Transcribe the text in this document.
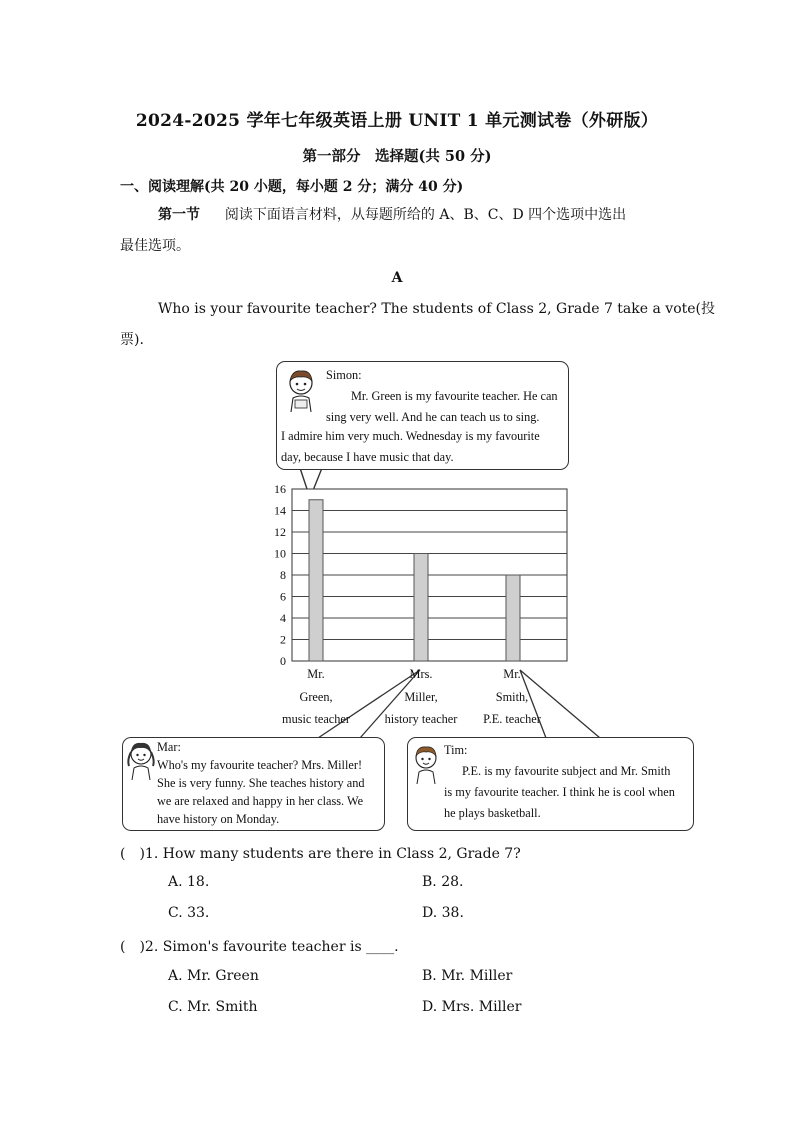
2024-2025 学年七年级英语上册 UNIT 1 单元测试卷（外研版）
第一部分　选择题(共 50 分)
一、阅读理解(共 20 小题，每小题 2 分；满分 40 分)
第一节 阅读下面语言材料，从每题所给的 A、B、C、D 四个选项中选出
最佳选项。
A
Who is your favourite teacher? The students of Class 2, Grade 7 take a vote(投
票).

Simon:

Mr. Green is my favourite teacher. He can

sing very well. And he can teach us to sing.

I admire him very much. Wednesday is my favourite

day, because I have music that day.

0
2
4
6
8
10
12
14
16
Mr.
Green,
music teacher
Mrs.
Miller,
history teacher
Mr.
Smith,
P.E. teacher

Mar:

Who's my favourite teacher? Mrs. Miller!

She is very funny. She teaches history and

we are relaxed and happy in her class. We

have history on Monday.

Tim:

P.E. is my favourite subject and Mr. Smith

is my favourite teacher. I think he is cool when

he plays basketball.

(　)1. How many students are there in Class 2, Grade 7?
A. 18.	B. 28.
C. 33.	D. 38.
(　)2. Simon's favourite teacher is ____.
A. Mr. Green	B. Mr. Miller
C. Mr. Smith	D. Mrs. Miller
